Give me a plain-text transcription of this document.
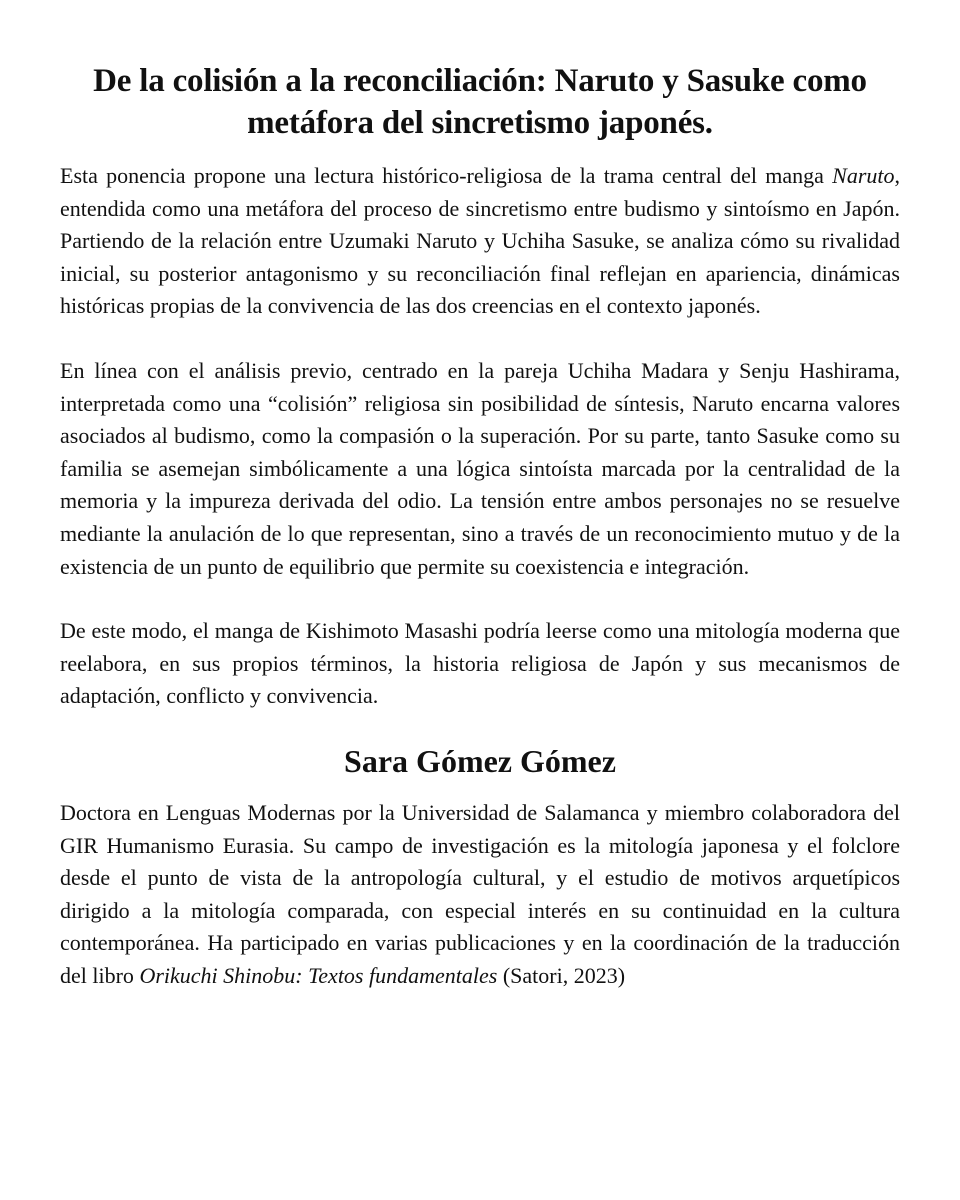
De la colisión a la reconciliación: Naruto y Sasuke como
metáfora del sincretismo japonés.

Esta ponencia propone una lectura histórico-religiosa de la trama central del manga Naruto, entendida como una metáfora del proceso de sincretismo entre budismo y sintoísmo en Japón. Partiendo de la relación entre Uzumaki Naruto y Uchiha Sasuke, se analiza cómo su rivalidad inicial, su posterior antagonismo y su reconciliación final reflejan en apariencia, dinámicas históricas propias de la convivencia de las dos creencias en el contexto japonés.

En línea con el análisis previo, centrado en la pareja Uchiha Madara y Senju Hashirama, interpretada como una “colisión” religiosa sin posibilidad de síntesis, Naruto encarna valores asociados al budismo, como la compasión o la superación. Por su parte, tanto Sasuke como su familia se asemejan simbólicamente a una lógica sintoísta marcada por la centralidad de la memoria y la impureza derivada del odio. La tensión entre ambos personajes no se resuelve mediante la anulación de lo que representan, sino a través de un reconocimiento mutuo y de la existencia de un punto de equilibrio que permite su coexistencia e integración.

De este modo, el manga de Kishimoto Masashi podría leerse como una mitología moderna que reelabora, en sus propios términos, la historia religiosa de Japón y sus mecanismos de adaptación, conflicto y convivencia.

Sara Gómez Gómez

Doctora en Lenguas Modernas por la Universidad de Salamanca y miembro colaboradora del GIR Humanismo Eurasia. Su campo de investigación es la mitología japonesa y el folclore desde el punto de vista de la antropología cultural, y el estudio de motivos arquetípicos dirigido a la mitología comparada, con especial interés en su continuidad en la cultura contemporánea. Ha participado en varias publicaciones y en la coordinación de la traducción del libro Orikuchi Shinobu: Textos fundamentales (Satori, 2023)
